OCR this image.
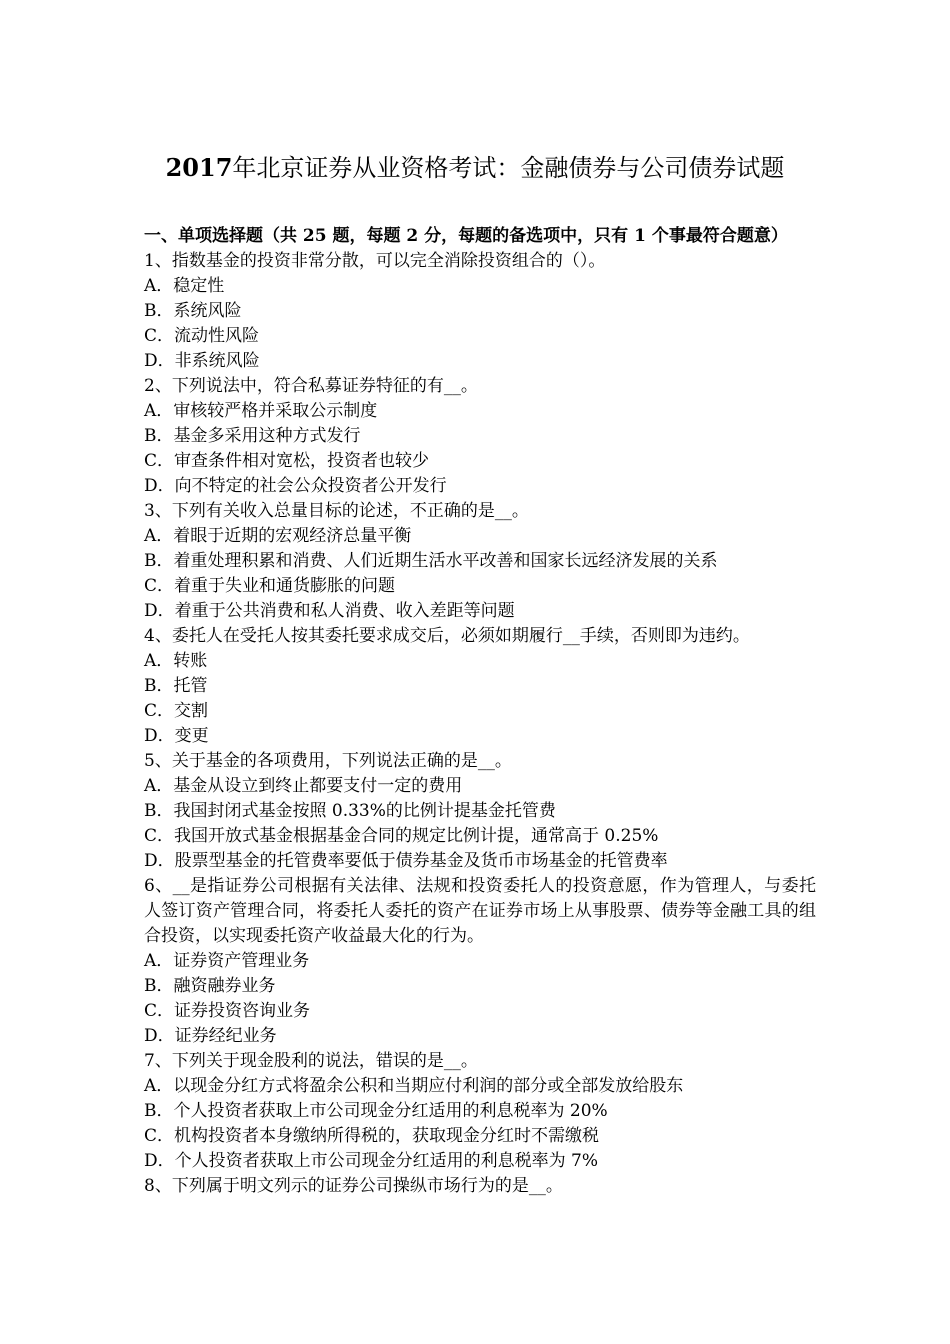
2017年北京证券从业资格考试：金融债券与公司债券试题
一、单项选择题（共 25 题，每题 2 分，每题的备选项中，只有 1 个事最符合题意）
1、指数基金的投资非常分散，可以完全消除投资组合的（）。
A．稳定性
B．系统风险
C．流动性风险
D．非系统风险
2、下列说法中，符合私募证券特征的有__。
A．审核较严格并采取公示制度
B．基金多采用这种方式发行
C．审查条件相对宽松，投资者也较少
D．向不特定的社会公众投资者公开发行
3、下列有关收入总量目标的论述，不正确的是__。
A．着眼于近期的宏观经济总量平衡
B．着重处理积累和消费、人们近期生活水平改善和国家长远经济发展的关系
C．着重于失业和通货膨胀的问题
D．着重于公共消费和私人消费、收入差距等问题
4、委托人在受托人按其委托要求成交后，必须如期履行__手续，否则即为违约。
A．转账
B．托管
C．交割
D．变更
5、关于基金的各项费用，下列说法正确的是__。
A．基金从设立到终止都要支付一定的费用
B．我国封闭式基金按照 0.33%的比例计提基金托管费
C．我国开放式基金根据基金合同的规定比例计提，通常高于 0.25%
D．股票型基金的托管费率要低于债券基金及货币市场基金的托管费率
6、__是指证券公司根据有关法律、法规和投资委托人的投资意愿，作为管理人，与委托人签订资产管理合同，将委托人委托的资产在证券市场上从事股票、债券等金融工具的组合投资，以实现委托资产收益最大化的行为。
A．证券资产管理业务
B．融资融券业务
C．证券投资咨询业务
D．证券经纪业务
7、下列关于现金股利的说法，错误的是__。
A．以现金分红方式将盈余公积和当期应付利润的部分或全部发放给股东
B．个人投资者获取上市公司现金分红适用的利息税率为 20%
C．机构投资者本身缴纳所得税的，获取现金分红时不需缴税
D．个人投资者获取上市公司现金分红适用的利息税率为 7%
8、下列属于明文列示的证券公司操纵市场行为的是__。
